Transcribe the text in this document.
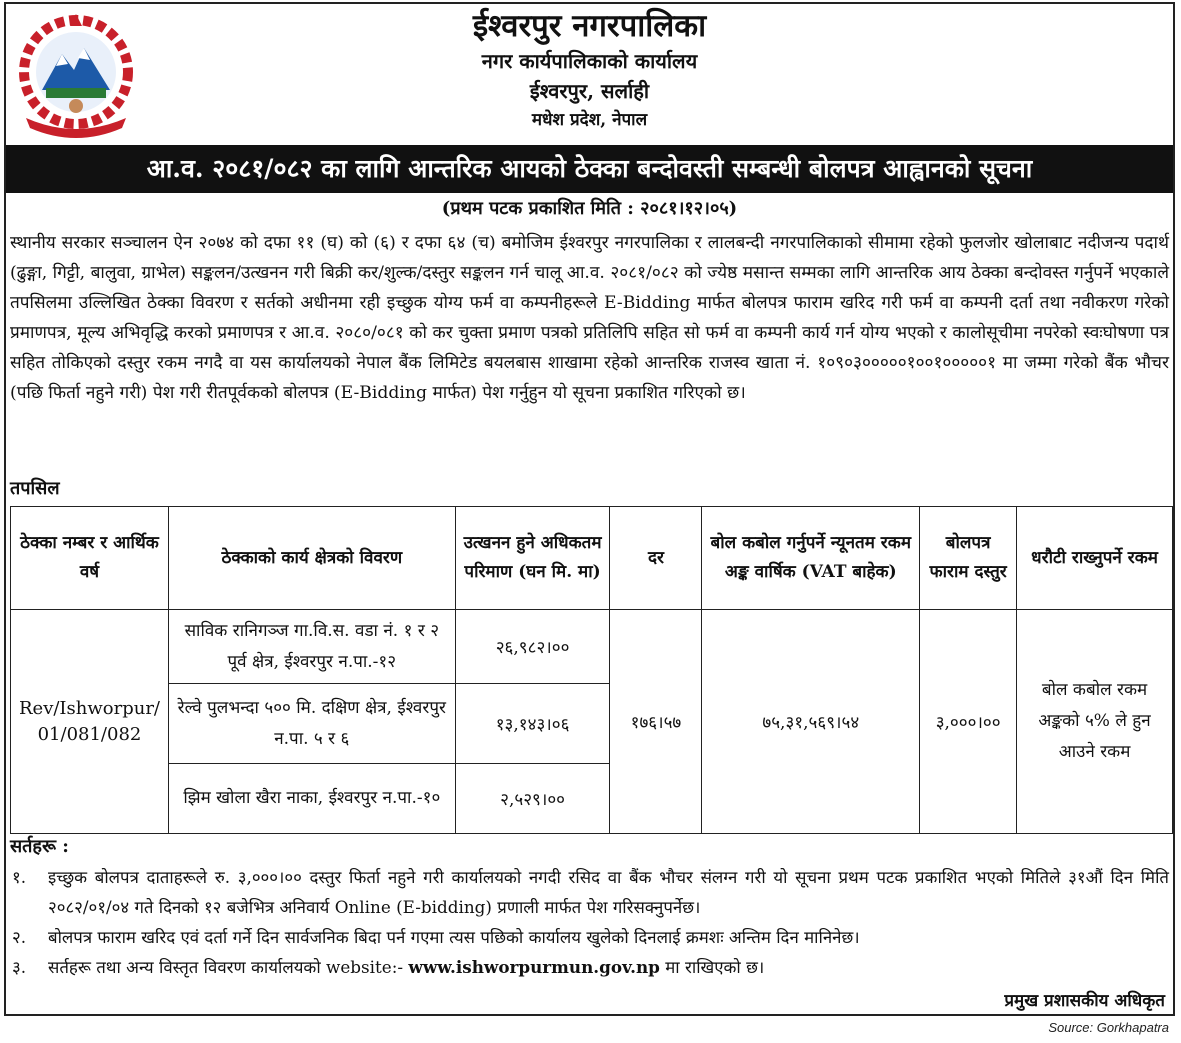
ईश्वरपुर नगरपालिका
नगर कार्यपालिकाको कार्यालय
ईश्वरपुर, सर्लाही
मधेश प्रदेश, नेपाल
आ.व. २०८१/०८२ का लागि आन्तरिक आयको ठेक्का बन्दोवस्ती सम्बन्धी बोलपत्र आह्वानको सूचना
(प्रथम पटक प्रकाशित मिति : २०८१।१२।०५)

स्थानीय सरकार सञ्चालन ऐन २०७४ को दफा ११ (घ) को (६) र दफा ६४ (च) बमोजिम ईश्वरपुर नगरपालिका र लालबन्दी नगरपालिकाको सीमामा रहेको फुलजोर खोलाबाट नदीजन्य पदार्थ (ढुङ्गा, गिट्टी, बालुवा, ग्राभेल) सङ्कलन/उत्खनन गरी बिक्री कर/शुल्क/दस्तुर सङ्कलन गर्न चालू आ.व. २०८१/०८२ को ज्येष्ठ मसान्त सम्मका लागि आन्तरिक आय ठेक्का बन्दोवस्त गर्नुपर्ने भएकाले तपसिलमा उल्लिखित ठेक्का विवरण र सर्तको अधीनमा रही इच्छुक योग्य फर्म वा कम्पनीहरूले E-Bidding मार्फत बोलपत्र फाराम खरिद गरी फर्म वा कम्पनी दर्ता तथा नवीकरण गरेको प्रमाणपत्र, मूल्य अभिवृद्धि करको प्रमाणपत्र र आ.व. २०८०/०८१ को कर चुक्ता प्रमाण पत्रको प्रतिलिपि सहित सो फर्म वा कम्पनी कार्य गर्न योग्य भएको र कालोसूचीमा नपरेको स्वःघोषणा पत्र सहित तोकिएको दस्तुर रकम नगदै वा यस कार्यालयको नेपाल बैंक लिमिटेड बयलबास शाखामा रहेको आन्तरिक राजस्व खाता नं. १०९०३०००००१००१०००००१ मा जम्मा गरेको बैंक भौचर (पछि फिर्ता नहुने गरी) पेश गरी रीतपूर्वकको बोलपत्र (E-Bidding मार्फत) पेश गर्नुहुन यो सूचना प्रकाशित गरिएको छ।

तपसिल
ठेक्का नम्बर र आर्थिक वर्ष	ठेक्काको कार्य क्षेत्रको विवरण	उत्खनन हुने अधिकतम परिमाण (घन मि. मा)	दर	बोल कबोल गर्नुपर्ने न्यूनतम रकम अङ्क वार्षिक (VAT बाहेक)	बोलपत्र फाराम दस्तुर	धरौटी राख्नुपर्ने रकम
Rev/Ishworpur/ 01/081/082	साविक रानिगञ्ज गा.वि.स. वडा नं. १ र २ पूर्व क्षेत्र, ईश्वरपुर न.पा.-१२	२६,९८२।००	१७६।५७	७५,३१,५६९।५४	३,०००।००	बोल कबोल रकम अङ्कको ५% ले हुन आउने रकम
	रेल्वे पुलभन्दा ५०० मि. दक्षिण क्षेत्र, ईश्वरपुर न.पा. ५ र ६	१३,१४३।०६				
	झिम खोला खैरा नाका, ईश्वरपुर न.पा.-१०	२,५२९।००				
सर्तहरू :
१. इच्छुक बोलपत्र दाताहरूले रु. ३,०००।०० दस्तुर फिर्ता नहुने गरी कार्यालयको नगदी रसिद वा बैंक भौचर संलग्न गरी यो सूचना प्रथम पटक प्रकाशित भएको मितिले ३१औं दिन मिति २०८२/०१/०४ गते दिनको १२ बजेभित्र अनिवार्य Online (E-bidding) प्रणाली मार्फत पेश गरिसक्नुपर्नेछ।
२. बोलपत्र फाराम खरिद एवं दर्ता गर्ने दिन सार्वजनिक बिदा पर्न गएमा त्यस पछिको कार्यालय खुलेको दिनलाई क्रमशः अन्तिम दिन मानिनेछ।
३. सर्तहरू तथा अन्य विस्तृत विवरण कार्यालयको website:- www.ishworpurmun.gov.np मा राखिएको छ।
प्रमुख प्रशासकीय अधिकृत
Source: Gorkhapatra
